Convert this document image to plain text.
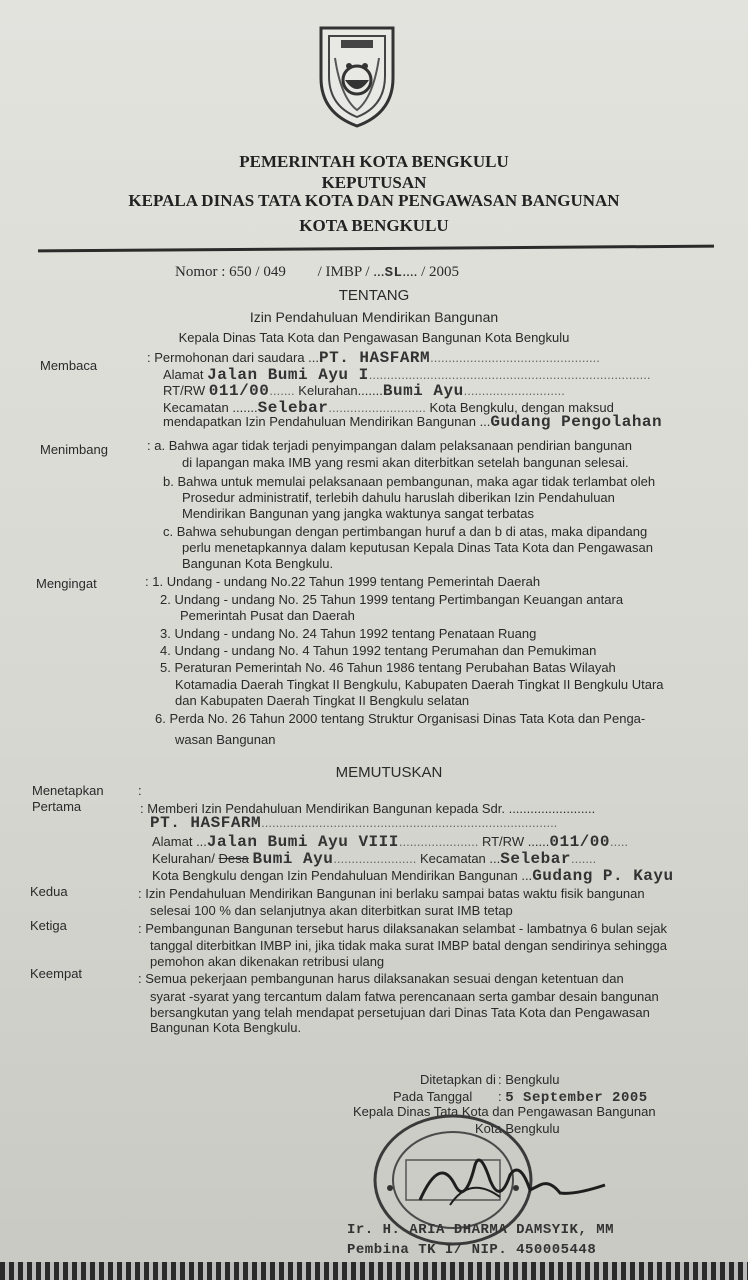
PEMERINTAH KOTA BENGKULU
KEPUTUSAN
KEPALA DINAS TATA KOTA DAN PENGAWASAN BANGUNAN
KOTA BENGKULU
Nomor : 650 / 049 / IMBP / ...SL.... / 2005
TENTANG
Izin Pendahuluan Mendirikan Bangunan
Kepala Dinas Tata Kota dan Pengawasan Bangunan Kota Bengkulu
Membaca
: Permohonan dari saudara ...PT. HASFARM...............................................
Alamat Jalan Bumi Ayu I..............................................................................
RT/RW 011/00....... Kelurahan.......Bumi Ayu............................
Kecamatan .......Selebar........................... Kota Bengkulu, dengan maksud
mendapatkan Izin Pendahuluan Mendirikan Bangunan ...Gudang Pengolahan
Menimbang	: a. Bahwa agar tidak terjadi penyimpangan dalam pelaksanaan pendirian bangunan
di lapangan maka IMB yang resmi akan diterbitkan setelah bangunan selesai.
b. Bahwa untuk memulai pelaksanaan pembangunan, maka agar tidak terlambat oleh
Prosedur administratif, terlebih dahulu haruslah diberikan Izin Pendahuluan
Mendirikan Bangunan yang jangka waktunya sangat terbatas
c. Bahwa sehubungan dengan pertimbangan huruf a dan b di atas, maka dipandang
perlu menetapkannya dalam keputusan Kepala Dinas Tata Kota dan Pengawasan
Bangunan Kota Bengkulu.
Mengingat	: 1. Undang - undang No.22 Tahun 1999 tentang Pemerintah Daerah
2. Undang - undang No. 25 Tahun 1999 tentang Pertimbangan Keuangan antara
Pemerintah Pusat dan Daerah
3. Undang - undang No. 24 Tahun 1992 tentang Penataan Ruang
4. Undang - undang No. 4 Tahun 1992 tentang Perumahan dan Pemukiman
5. Peraturan Pemerintah No. 46 Tahun 1986 tentang Perubahan Batas Wilayah
Kotamadia Daerah Tingkat II Bengkulu, Kabupaten Daerah Tingkat II Bengkulu Utara
dan Kabupaten Daerah Tingkat II Bengkulu selatan
6. Perda No. 26 Tahun 2000 tentang Struktur Organisasi Dinas Tata Kota dan Penga-
wasan Bangunan
MEMUTUSKAN
Menetapkan	:
Pertama	: Memberi Izin Pendahuluan Mendirikan Bangunan kepada Sdr. ........................
PT. HASFARM..................................................................................
Alamat ...Jalan Bumi Ayu VIII...................... RT/RW ......011/00.....
Kelurahan/ Desa Bumi Ayu....................... Kecamatan ...Selebar.......
Kota Bengkulu dengan Izin Pendahuluan Mendirikan Bangunan ...Gudang P. Kayu
Kedua	: Izin Pendahuluan Mendirikan Bangunan ini berlaku sampai batas waktu fisik bangunan
selesai 100 % dan selanjutnya akan diterbitkan surat IMB tetap
Ketiga	: Pembangunan Bangunan tersebut harus dilaksanakan selambat - lambatnya 6 bulan sejak
tanggal diterbitkan IMBP ini, jika tidak maka surat IMBP batal dengan sendirinya sehingga
pemohon akan dikenakan retribusi ulang
Keempat	: Semua pekerjaan pembangunan harus dilaksanakan sesuai dengan ketentuan dan
syarat -syarat yang tercantum dalam fatwa perencanaan serta gambar desain bangunan
bersangkutan yang telah mendapat persetujuan dari Dinas Tata Kota dan Pengawasan
Bangunan Kota Bengkulu.
Ditetapkan di : Bengkulu
Pada Tanggal : 5 September 2005
Kepala Dinas Tata Kota dan Pengawasan Bangunan
Kota Bengkulu
Ir. H. ARIA DHARMA DAMSYIK, MM
Pembina TK I/ NIP. 450005448
